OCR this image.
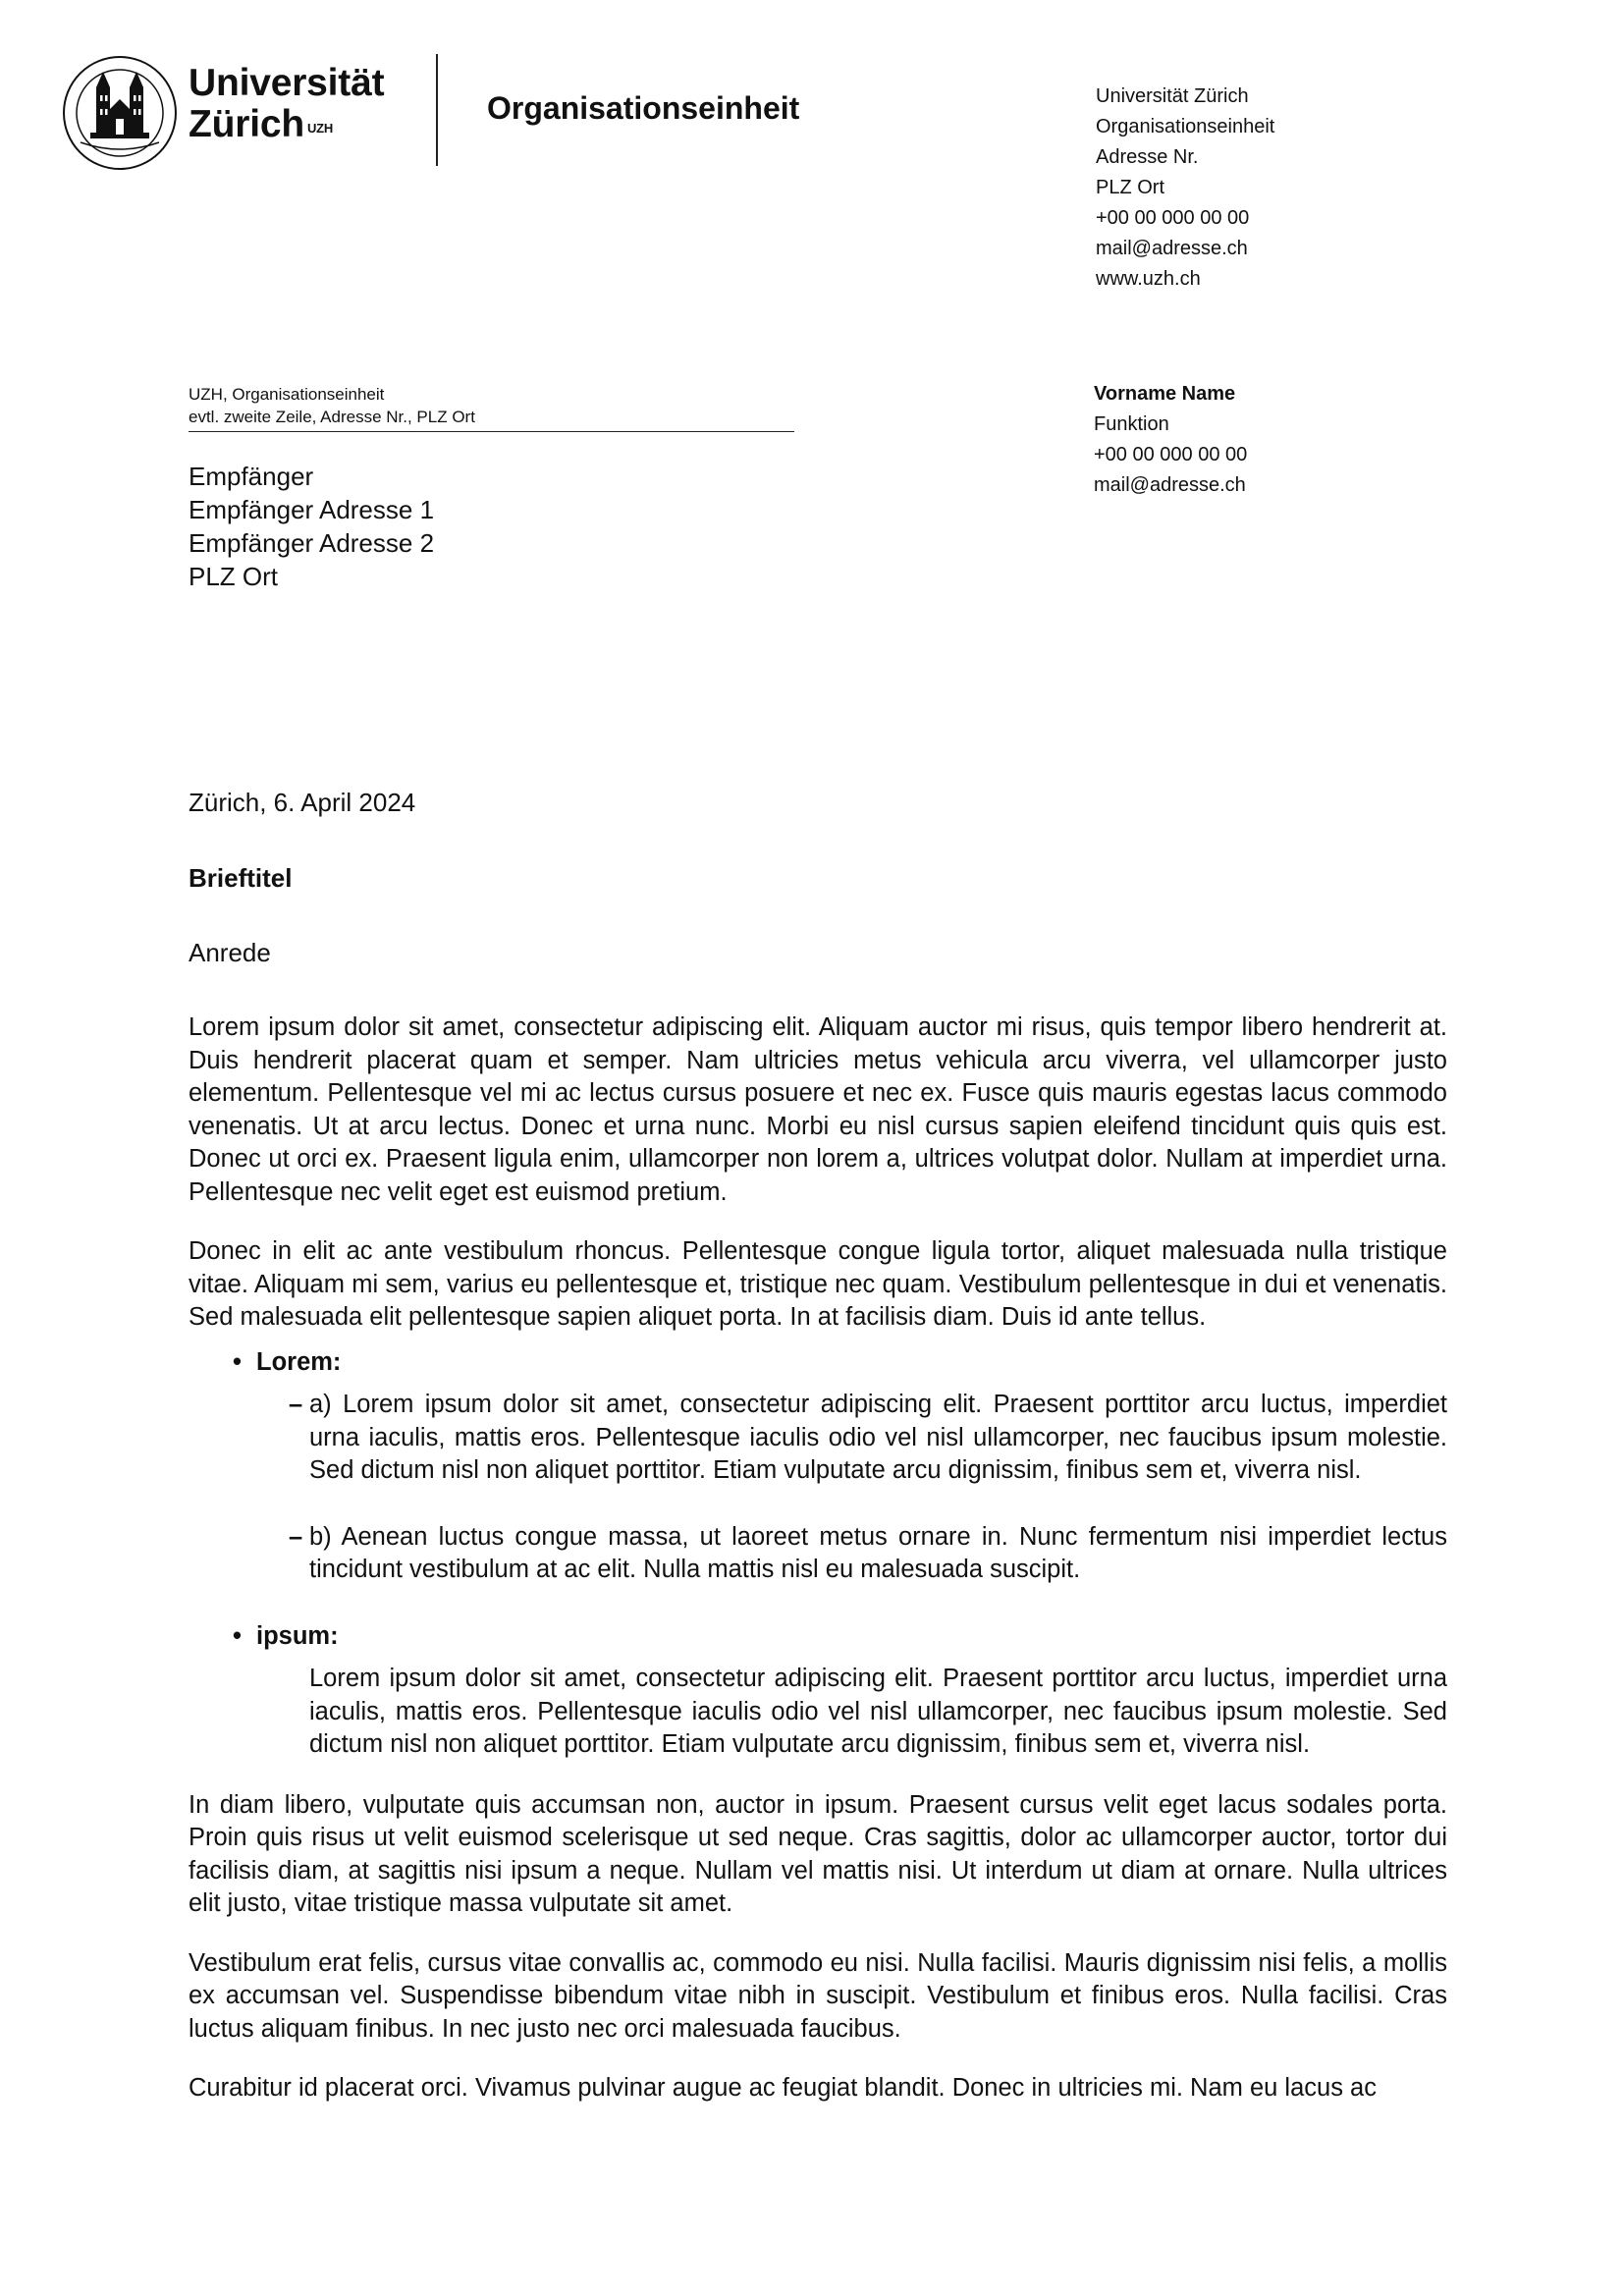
Universität
Zürich $^{UZH}$
Organisationseinheit	Universität Zürich
Organisationseinheit
Adresse Nr.
PLZ Ort
+00 00 000 00 00
mail@adresse.ch
www.uzh.ch
UZH, Organisationseinheit
evtl. zweite Zeile, Adresse Nr., PLZ Ort
Empfänger
Empfänger Adresse 1
Empfänger Adresse 2
PLZ Ort
Vorname Name
Funktion
+00 00 000 00 00
mail@adresse.ch
Zürich, 6. April 2024
Brieftitel
Anrede

Lorem ipsum dolor sit amet, consectetur adipiscing elit. Aliquam auctor mi risus, quis tempor libero hendrerit at. Duis hendrerit placerat quam et semper. Nam ultricies metus vehicula arcu viverra, vel ullamcorper justo elementum. Pellentesque vel mi ac lectus cursus posuere et nec ex. Fusce quis mauris egestas lacus commodo venenatis. Ut at arcu lectus. Donec et urna nunc. Morbi eu nisl cursus sapien eleifend tincidunt quis quis est. Donec ut orci ex. Praesent ligula enim, ullamcorper non lorem a, ultrices volutpat dolor. Nullam at imperdiet urna. Pellentesque nec velit eget est euismod pretium.

Donec in elit ac ante vestibulum rhoncus. Pellentesque congue ligula tortor, aliquet malesuada nulla tristique vitae. Aliquam mi sem, varius eu pellentesque et, tristique nec quam. Vestibulum pellentesque in dui et venenatis. Sed malesuada elit pellentesque sapien aliquet porta. In at facilisis diam. Duis id ante tellus.

• Lorem:
– a) Lorem ipsum dolor sit amet, consectetur adipiscing elit. Praesent porttitor arcu luctus, imperdiet urna iaculis, mattis eros. Pellentesque iaculis odio vel nisl ullamcorper, nec faucibus ipsum molestie. Sed dictum nisl non aliquet porttitor. Etiam vulputate arcu dignissim, finibus sem et, viverra nisl.
– b) Aenean luctus congue massa, ut laoreet metus ornare in. Nunc fermentum nisi imperdiet lectus tincidunt vestibulum at ac elit. Nulla mattis nisl eu malesuada suscipit.
• ipsum:
Lorem ipsum dolor sit amet, consectetur adipiscing elit. Praesent porttitor arcu luctus, imperdiet urna iaculis, mattis eros. Pellentesque iaculis odio vel nisl ullamcorper, nec faucibus ipsum molestie. Sed dictum nisl non aliquet porttitor. Etiam vulputate arcu dignissim, finibus sem et, viverra nisl.

In diam libero, vulputate quis accumsan non, auctor in ipsum. Praesent cursus velit eget lacus sodales porta. Proin quis risus ut velit euismod scelerisque ut sed neque. Cras sagittis, dolor ac ullamcorper auctor, tortor dui facilisis diam, at sagittis nisi ipsum a neque. Nullam vel mattis nisi. Ut interdum ut diam at ornare. Nulla ultrices elit justo, vitae tristique massa vulputate sit amet.

Vestibulum erat felis, cursus vitae convallis ac, commodo eu nisi. Nulla facilisi. Mauris dignissim nisi felis, a mollis ex accumsan vel. Suspendisse bibendum vitae nibh in suscipit. Vestibulum et finibus eros. Nulla facilisi. Cras luctus aliquam finibus. In nec justo nec orci malesuada faucibus.

Curabitur id placerat orci. Vivamus pulvinar augue ac feugiat blandit. Donec in ultricies mi. Nam eu lacus ac
